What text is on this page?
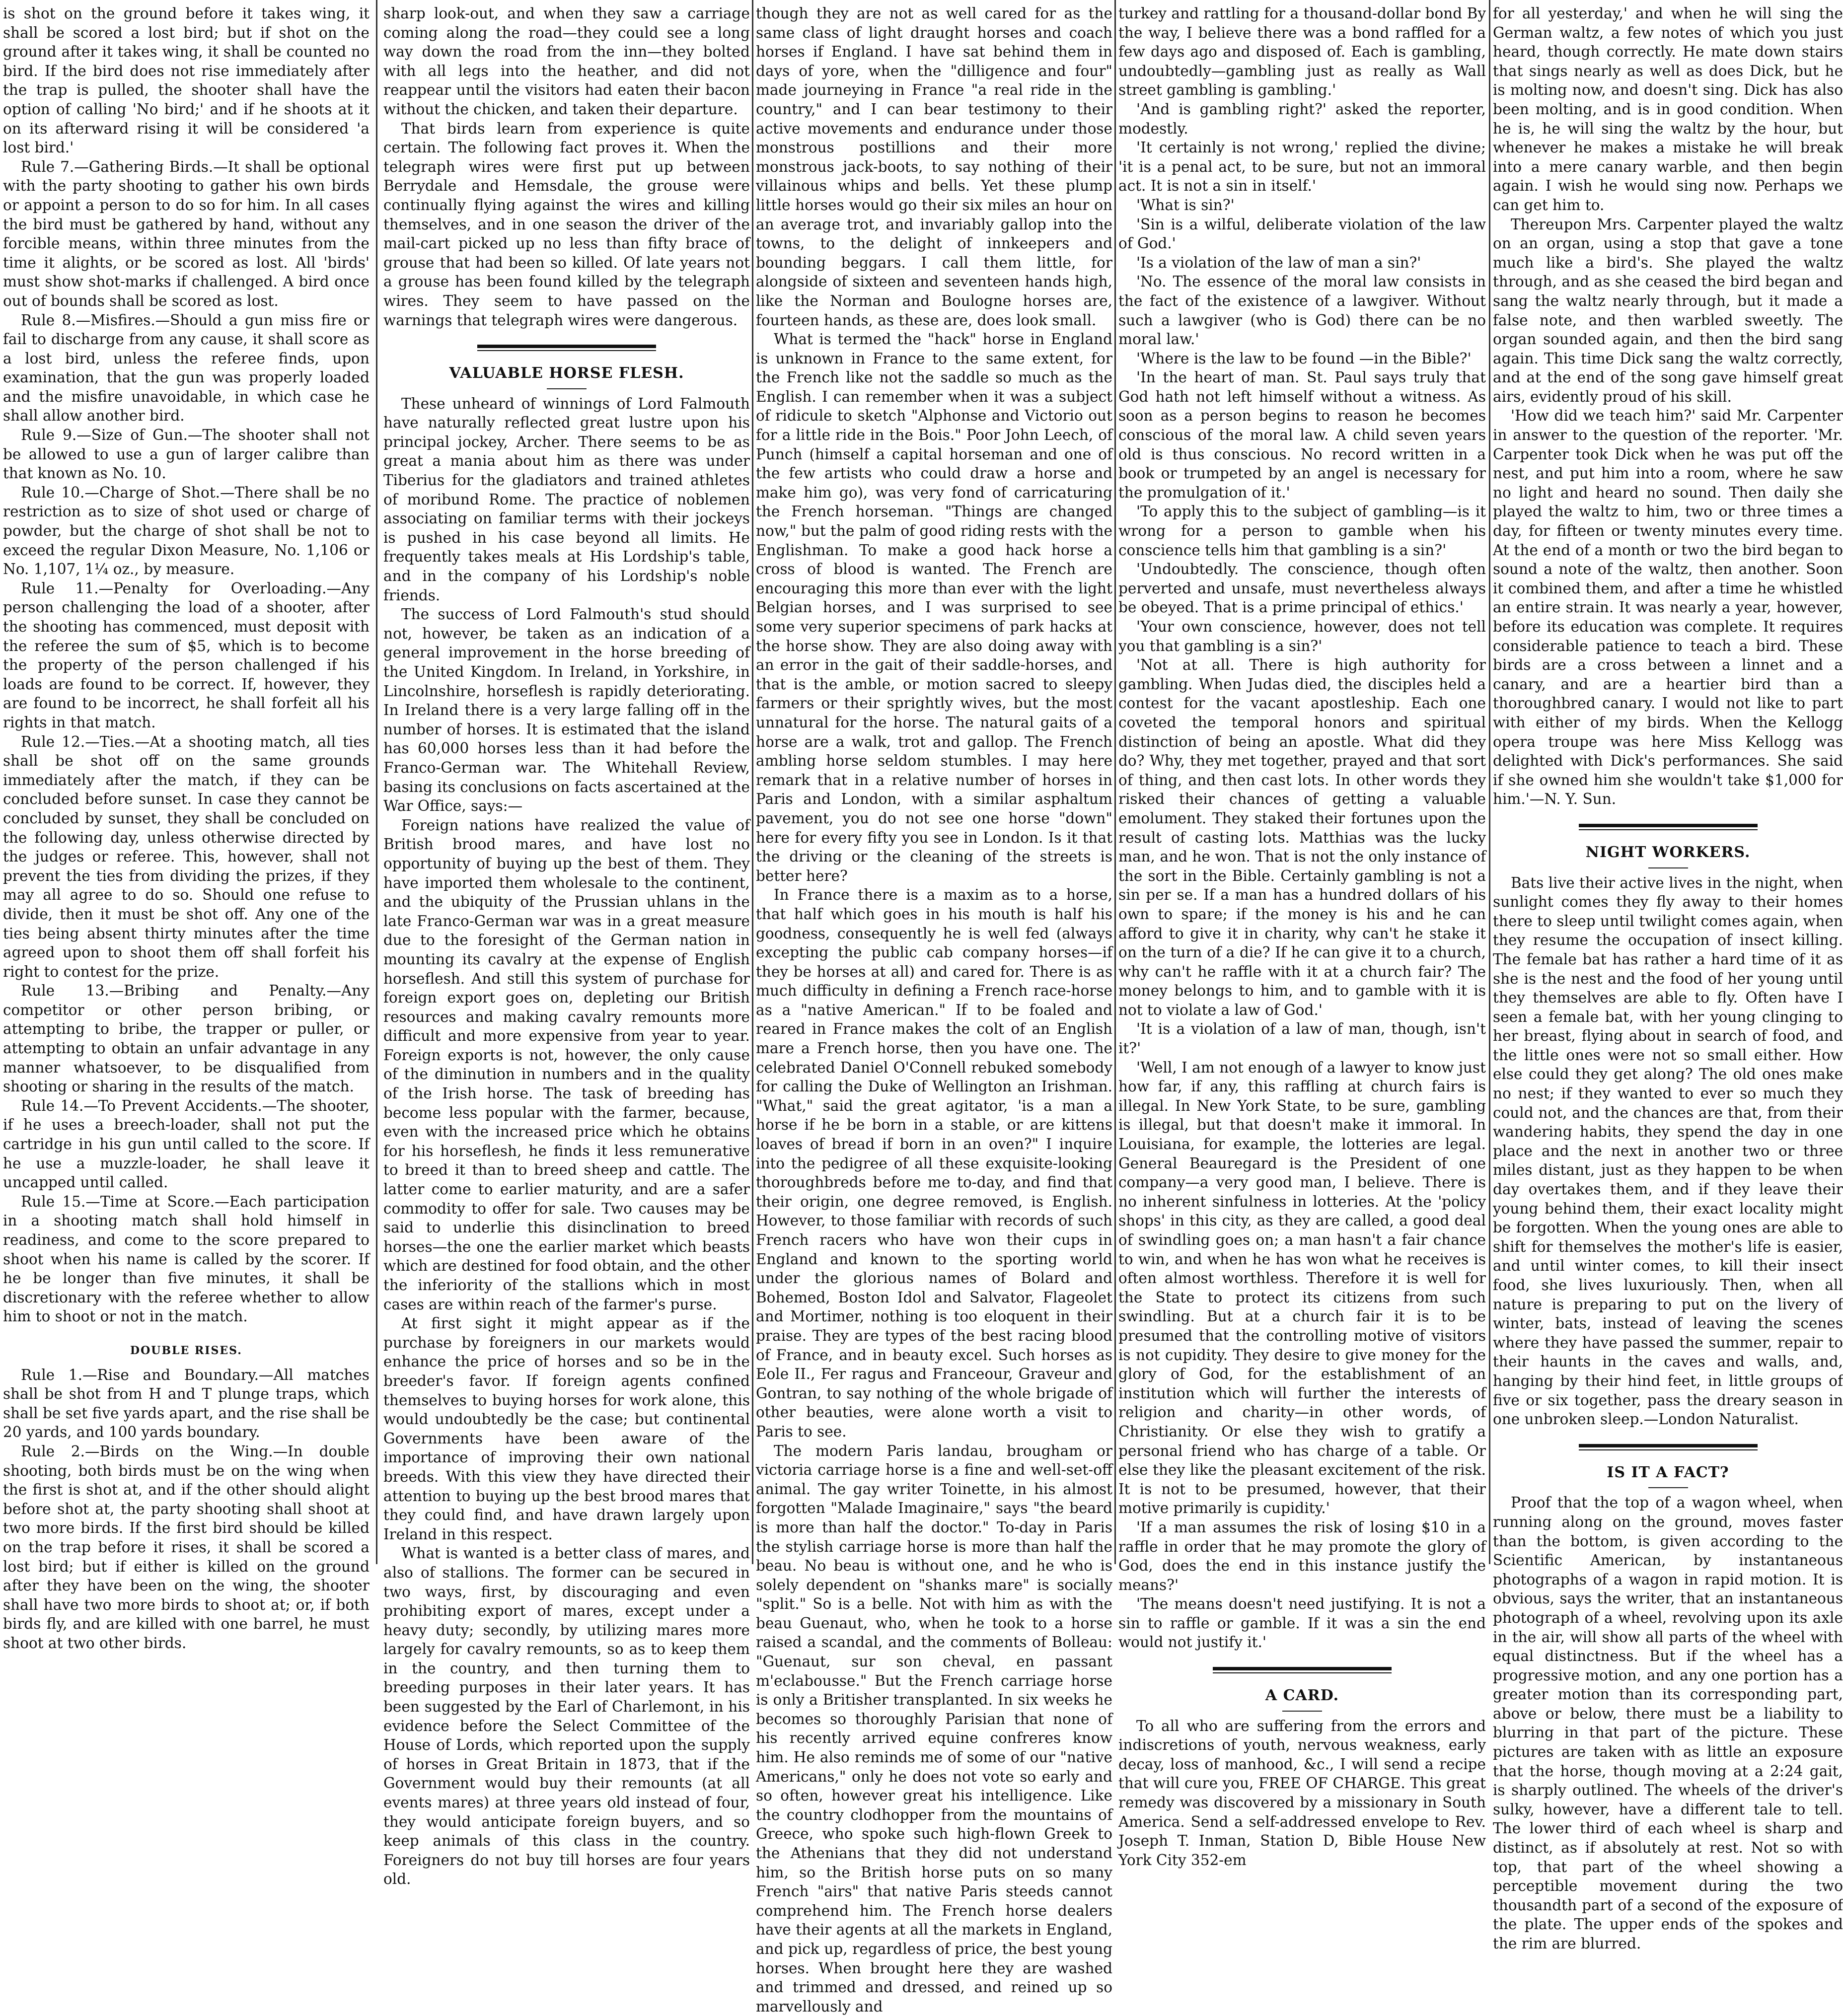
is shot on the ground before it takes wing, it shall be scored a lost bird; but if shot on the ground after it takes wing, it shall be counted no bird. If the bird does not rise immediately after the trap is pulled, the shooter shall have the option of calling 'No bird;' and if he shoots at it on its afterward rising it will be considered 'a lost bird.'

Rule 7.—Gathering Birds.—It shall be optional with the party shooting to gather his own birds or appoint a person to do so for him. In all cases the bird must be gathered by hand, without any forcible means, within three minutes from the time it alights, or be scored as lost. All 'birds' must show shot-marks if challenged. A bird once out of bounds shall be scored as lost.

Rule 8.—Misfires.—Should a gun miss fire or fail to discharge from any cause, it shall score as a lost bird, unless the referee finds, upon examination, that the gun was properly loaded and the misfire unavoidable, in which case he shall allow another bird.

Rule 9.—Size of Gun.—The shooter shall not be allowed to use a gun of larger calibre than that known as No. 10.

Rule 10.—Charge of Shot.—There shall be no restriction as to size of shot used or charge of powder, but the charge of shot shall be not to exceed the regular Dixon Measure, No. 1,106 or No. 1,107, 1¼ oz., by measure.

Rule 11.—Penalty for Overloading.—Any person challenging the load of a shooter, after the shooting has commenced, must deposit with the referee the sum of $5, which is to become the property of the person challenged if his loads are found to be correct. If, however, they are found to be incorrect, he shall forfeit all his rights in that match.

Rule 12.—Ties.—At a shooting match, all ties shall be shot off on the same grounds immediately after the match, if they can be concluded before sunset. In case they cannot be concluded by sunset, they shall be concluded on the following day, unless otherwise directed by the judges or referee. This, however, shall not prevent the ties from dividing the prizes, if they may all agree to do so. Should one refuse to divide, then it must be shot off. Any one of the ties being absent thirty minutes after the time agreed upon to shoot them off shall forfeit his right to contest for the prize.

Rule 13.—Bribing and Penalty.—Any competitor or other person bribing, or attempting to bribe, the trapper or puller, or attempting to obtain an unfair advantage in any manner whatsoever, to be disqualified from shooting or sharing in the results of the match.

Rule 14.—To Prevent Accidents.—The shooter, if he uses a breech-loader, shall not put the cartridge in his gun until called to the score. If he use a muzzle-loader, he shall leave it uncapped until called.

Rule 15.—Time at Score.—Each participation in a shooting match shall hold himself in readiness, and come to the score prepared to shoot when his name is called by the scorer. If he be longer than five minutes, it shall be discretionary with the referee whether to allow him to shoot or not in the match.

DOUBLE RISES.

Rule 1.—Rise and Boundary.—All matches shall be shot from H and T plunge traps, which shall be set five yards apart, and the rise shall be 20 yards, and 100 yards boundary.

Rule 2.—Birds on the Wing.—In double shooting, both birds must be on the wing when the first is shot at, and if the other should alight before shot at, the party shooting shall shoot at two more birds. If the first bird should be killed on the trap before it rises, it shall be scored a lost bird; but if either is killed on the ground after they have been on the wing, the shooter shall have two more birds to shoot at; or, if both birds fly, and are killed with one barrel, he must shoot at two other birds.

sharp look-out, and when they saw a carriage coming along the road—they could see a long way down the road from the inn—they bolted with all legs into the heather, and did not reappear until the visitors had eaten their bacon without the chicken, and taken their departure.

That birds learn from experience is quite certain. The following fact proves it. When the telegraph wires were first put up between Berrydale and Hemsdale, the grouse were continually flying against the wires and killing themselves, and in one season the driver of the mail-cart picked up no less than fifty brace of grouse that had been so killed. Of late years not a grouse has been found killed by the telegraph wires. They seem to have passed on the warnings that telegraph wires were dangerous.

VALUABLE HORSE FLESH.

These unheard of winnings of Lord Falmouth have naturally reflected great lustre upon his principal jockey, Archer. There seems to be as great a mania about him as there was under Tiberius for the gladiators and trained athletes of moribund Rome. The practice of noblemen associating on familiar terms with their jockeys is pushed in his case beyond all limits. He frequently takes meals at His Lordship's table, and in the company of his Lordship's noble friends.

The success of Lord Falmouth's stud should not, however, be taken as an indication of a general improvement in the horse breeding of the United Kingdom. In Ireland, in Yorkshire, in Lincolnshire, horseflesh is rapidly deteriorating. In Ireland there is a very large falling off in the number of horses. It is estimated that the island has 60,000 horses less than it had before the Franco-German war. The Whitehall Review, basing its conclusions on facts ascertained at the War Office, says:—

Foreign nations have realized the value of British brood mares, and have lost no opportunity of buying up the best of them. They have imported them wholesale to the continent, and the ubiquity of the Prussian uhlans in the late Franco-German war was in a great measure due to the foresight of the German nation in mounting its cavalry at the expense of English horseflesh. And still this system of purchase for foreign export goes on, depleting our British resources and making cavalry remounts more difficult and more expensive from year to year. Foreign exports is not, however, the only cause of the diminution in numbers and in the quality of the Irish horse. The task of breeding has become less popular with the farmer, because, even with the increased price which he obtains for his horseflesh, he finds it less remunerative to breed it than to breed sheep and cattle. The latter come to earlier maturity, and are a safer commodity to offer for sale. Two causes may be said to underlie this disinclination to breed horses—the one the earlier market which beasts which are destined for food obtain, and the other the inferiority of the stallions which in most cases are within reach of the farmer's purse.

At first sight it might appear as if the purchase by foreigners in our markets would enhance the price of horses and so be in the breeder's favor. If foreign agents confined themselves to buying horses for work alone, this would undoubtedly be the case; but continental Governments have been aware of the importance of improving their own national breeds. With this view they have directed their attention to buying up the best brood mares that they could find, and have drawn largely upon Ireland in this respect.

What is wanted is a better class of mares, and also of stallions. The former can be secured in two ways, first, by discouraging and even prohibiting export of mares, except under a heavy duty; secondly, by utilizing mares more largely for cavalry remounts, so as to keep them in the country, and then turning them to breeding purposes in their later years. It has been suggested by the Earl of Charlemont, in his evidence before the Select Committee of the House of Lords, which reported upon the supply of horses in Great Britain in 1873, that if the Government would buy their remounts (at all events mares) at three years old instead of four, they would anticipate foreign buyers, and so keep animals of this class in the country. Foreigners do not buy till horses are four years old.

though they are not as well cared for as the same class of light draught horses and coach horses if England. I have sat behind them in days of yore, when the "dilligence and four" made journeying in France "a real ride in the country," and I can bear testimony to their active movements and endurance under those monstrous postillions and their more monstrous jack-boots, to say nothing of their villainous whips and bells. Yet these plump little horses would go their six miles an hour on an average trot, and invariably gallop into the towns, to the delight of innkeepers and bounding beggars. I call them little, for alongside of sixteen and seventeen hands high, like the Norman and Boulogne horses are, fourteen hands, as these are, does look small.

What is termed the "hack" horse in England is unknown in France to the same extent, for the French like not the saddle so much as the English. I can remember when it was a subject of ridicule to sketch "Alphonse and Victorio out for a little ride in the Bois." Poor John Leech, of Punch (himself a capital horseman and one of the few artists who could draw a horse and make him go), was very fond of carricaturing the French horseman. "Things are changed now," but the palm of good riding rests with the Englishman. To make a good hack horse a cross of blood is wanted. The French are encouraging this more than ever with the light Belgian horses, and I was surprised to see some very superior specimens of park hacks at the horse show. They are also doing away with an error in the gait of their saddle-horses, and that is the amble, or motion sacred to sleepy farmers or their sprightly wives, but the most unnatural for the horse. The natural gaits of a horse are a walk, trot and gallop. The French ambling horse seldom stumbles. I may here remark that in a relative number of horses in Paris and London, with a similar asphaltum pavement, you do not see one horse "down" here for every fifty you see in London. Is it that the driving or the cleaning of the streets is better here?

In France there is a maxim as to a horse, that half which goes in his mouth is half his goodness, consequently he is well fed (always excepting the public cab company horses—if they be horses at all) and cared for. There is as much difficulty in defining a French race-horse as a "native American." If to be foaled and reared in France makes the colt of an English mare a French horse, then you have one. The celebrated Daniel O'Connell rebuked somebody for calling the Duke of Wellington an Irishman. "What," said the great agitator, 'is a man a horse if he be born in a stable, or are kittens loaves of bread if born in an oven?" I inquire into the pedigree of all these exquisite-looking thoroughbreds before me to-day, and find that their origin, one degree removed, is English. However, to those familiar with records of such French racers who have won their cups in England and known to the sporting world under the glorious names of Bolard and Bohemed, Boston Idol and Salvator, Flageolet and Mortimer, nothing is too eloquent in their praise. They are types of the best racing blood of France, and in beauty excel. Such horses as Eole II., Fer ragus and Franceour, Graveur and Gontran, to say nothing of the whole brigade of other beauties, were alone worth a visit to Paris to see.

The modern Paris landau, brougham or victoria carriage horse is a fine and well-set-off animal. The gay writer Toinette, in his almost forgotten "Malade Imaginaire," says "the beard is more than half the doctor." To-day in Paris the stylish carriage horse is more than half the beau. No beau is without one, and he who is solely dependent on "shanks mare" is socially "split." So is a belle. Not with him as with the beau Guenaut, who, when he took to a horse raised a scandal, and the comments of Bolleau: "Guenaut, sur son cheval, en passant m'eclabousse." But the French carriage horse is only a Britisher transplanted. In six weeks he becomes so thoroughly Parisian that none of his recently arrived equine confreres know him. He also reminds me of some of our "native Americans," only he does not vote so early and so often, however great his intelligence. Like the country clodhopper from the mountains of Greece, who spoke such high-flown Greek to the Athenians that they did not understand him, so the British horse puts on so many French "airs" that native Paris steeds cannot comprehend him. The French horse dealers have their agents at all the markets in England, and pick up, regardless of price, the best young horses. When brought here they are washed and trimmed and dressed, and reined up so marvellously and

turkey and rattling for a thousand-dollar bond By the way, I believe there was a bond raffled for a few days ago and disposed of. Each is gambling, undoubtedly—gambling just as really as Wall street gambling is gambling.'

'And is gambling right?' asked the reporter, modestly.

'It certainly is not wrong,' replied the divine; 'it is a penal act, to be sure, but not an immoral act. It is not a sin in itself.'

'What is sin?'

'Sin is a wilful, deliberate violation of the law of God.'

'Is a violation of the law of man a sin?'

'No. The essence of the moral law consists in the fact of the existence of a lawgiver. Without such a lawgiver (who is God) there can be no moral law.'

'Where is the law to be found —in the Bible?'

'In the heart of man. St. Paul says truly that God hath not left himself without a witness. As soon as a person begins to reason he becomes conscious of the moral law. A child seven years old is thus conscious. No record written in a book or trumpeted by an angel is necessary for the promulgation of it.'

'To apply this to the subject of gambling—is it wrong for a person to gamble when his conscience tells him that gambling is a sin?'

'Undoubtedly. The conscience, though often perverted and unsafe, must nevertheless always be obeyed. That is a prime principal of ethics.'

'Your own conscience, however, does not tell you that gambling is a sin?'

'Not at all. There is high authority for gambling. When Judas died, the disciples held a contest for the vacant apostleship. Each one coveted the temporal honors and spiritual distinction of being an apostle. What did they do? Why, they met together, prayed and that sort of thing, and then cast lots. In other words they risked their chances of getting a valuable emolument. They staked their fortunes upon the result of casting lots. Matthias was the lucky man, and he won. That is not the only instance of the sort in the Bible. Certainly gambling is not a sin per se. If a man has a hundred dollars of his own to spare; if the money is his and he can afford to give it in charity, why can't he stake it on the turn of a die? If he can give it to a church, why can't he raffle with it at a church fair? The money belongs to him, and to gamble with it is not to violate a law of God.'

'It is a violation of a law of man, though, isn't it?'

'Well, I am not enough of a lawyer to know just how far, if any, this raffling at church fairs is illegal. In New York State, to be sure, gambling is illegal, but that doesn't make it immoral. In Louisiana, for example, the lotteries are legal. General Beauregard is the President of one company—a very good man, I believe. There is no inherent sinfulness in lotteries. At the 'policy shops' in this city, as they are called, a good deal of swindling goes on; a man hasn't a fair chance to win, and when he has won what he receives is often almost worthless. Therefore it is well for the State to protect its citizens from such swindling. But at a church fair it is to be presumed that the controlling motive of visitors is not cupidity. They desire to give money for the glory of God, for the establishment of an institution which will further the interests of religion and charity—in other words, of Christianity. Or else they wish to gratify a personal friend who has charge of a table. Or else they like the pleasant excitement of the risk. It is not to be presumed, however, that their motive primarily is cupidity.'

'If a man assumes the risk of losing $10 in a raffle in order that he may promote the glory of God, does the end in this instance justify the means?'

'The means doesn't need justifying. It is not a sin to raffle or gamble. If it was a sin the end would not justify it.'

A CARD.

To all who are suffering from the errors and indiscretions of youth, nervous weakness, early decay, loss of manhood, &c., I will send a recipe that will cure you, FREE OF CHARGE. This great remedy was discovered by a missionary in South America. Send a self-addressed envelope to Rev. Joseph T. Inman, Station D, Bible House New York City 352-em

for all yesterday,' and when he will sing the German waltz, a few notes of which you just heard, though correctly. He mate down stairs that sings nearly as well as does Dick, but he is molting now, and doesn't sing. Dick has also been molting, and is in good condition. When he is, he will sing the waltz by the hour, but whenever he makes a mistake he will break into a mere canary warble, and then begin again. I wish he would sing now. Perhaps we can get him to.

Thereupon Mrs. Carpenter played the waltz on an organ, using a stop that gave a tone much like a bird's. She played the waltz through, and as she ceased the bird began and sang the waltz nearly through, but it made a false note, and then warbled sweetly. The organ sounded again, and then the bird sang again. This time Dick sang the waltz correctly, and at the end of the song gave himself great airs, evidently proud of his skill.

'How did we teach him?' said Mr. Carpenter in answer to the question of the reporter. 'Mr. Carpenter took Dick when he was put off the nest, and put him into a room, where he saw no light and heard no sound. Then daily she played the waltz to him, two or three times a day, for fifteen or twenty minutes every time. At the end of a month or two the bird began to sound a note of the waltz, then another. Soon it combined them, and after a time he whistled an entire strain. It was nearly a year, however, before its education was complete. It requires considerable patience to teach a bird. These birds are a cross between a linnet and a canary, and are a heartier bird than a thoroughbred canary. I would not like to part with either of my birds. When the Kellogg opera troupe was here Miss Kellogg was delighted with Dick's performances. She said if she owned him she wouldn't take $1,000 for him.'—N. Y. Sun.

NIGHT WORKERS.

Bats live their active lives in the night, when sunlight comes they fly away to their homes there to sleep until twilight comes again, when they resume the occupation of insect killing. The female bat has rather a hard time of it as she is the nest and the food of her young until they themselves are able to fly. Often have I seen a female bat, with her young clinging to her breast, flying about in search of food, and the little ones were not so small either. How else could they get along? The old ones make no nest; if they wanted to ever so much they could not, and the chances are that, from their wandering habits, they spend the day in one place and the next in another two or three miles distant, just as they happen to be when day overtakes them, and if they leave their young behind them, their exact locality might be forgotten. When the young ones are able to shift for themselves the mother's life is easier, and until winter comes, to kill their insect food, she lives luxuriously. Then, when all nature is preparing to put on the livery of winter, bats, instead of leaving the scenes where they have passed the summer, repair to their haunts in the caves and walls, and, hanging by their hind feet, in little groups of five or six together, pass the dreary season in one unbroken sleep.—London Naturalist.

IS IT A FACT?

Proof that the top of a wagon wheel, when running along on the ground, moves faster than the bottom, is given according to the Scientific American, by instantaneous photographs of a wagon in rapid motion. It is obvious, says the writer, that an instantaneous photograph of a wheel, revolving upon its axle in the air, will show all parts of the wheel with equal distinctness. But if the wheel has a progressive motion, and any one portion has a greater motion than its corresponding part, above or below, there must be a liability to blurring in that part of the picture. These pictures are taken with as little an exposure that the horse, though moving at a 2:24 gait, is sharply outlined. The wheels of the driver's sulky, however, have a different tale to tell. The lower third of each wheel is sharp and distinct, as if absolutely at rest. Not so with top, that part of the wheel showing a perceptible movement during the two thousandth part of a second of the exposure of the plate. The upper ends of the spokes and the rim are blurred.
